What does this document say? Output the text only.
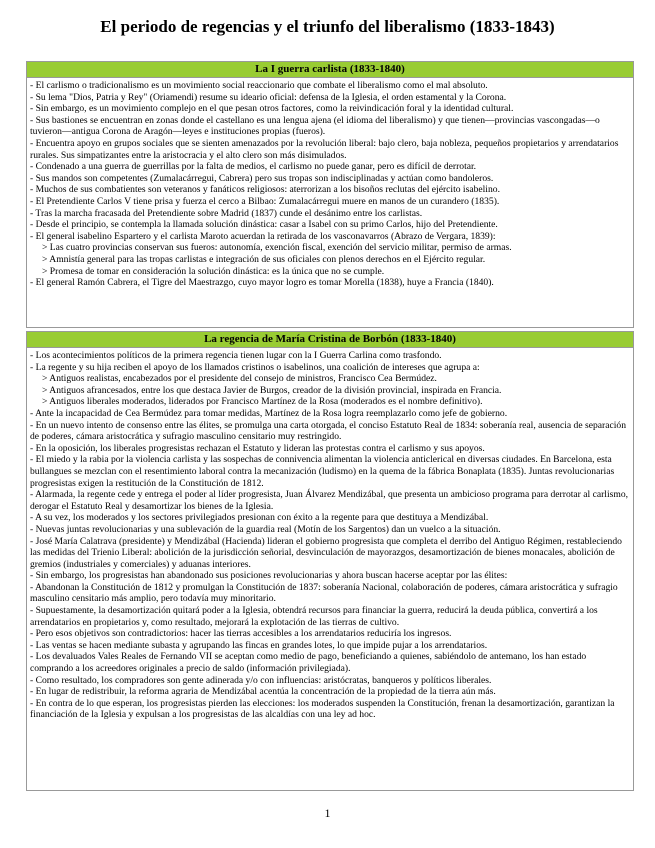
El periodo de regencias y el triunfo del liberalismo (1833-1843)
La I guerra carlista (1833-1840)

- El carlismo o tradicionalismo es un movimiento social reaccionario que combate el liberalismo como el mal absoluto.

- Su lema "Dios, Patria y Rey" (Oriamendi) resume su ideario oficial: defensa de la Iglesia, el orden estamental y la Corona.

- Sin embargo, es un movimiento complejo en el que pesan otros factores, como la reivindicación foral y la identidad cultural.

- Sus bastiones se encuentran en zonas donde el castellano es una lengua ajena (el idioma del liberalismo) y que tienen—provincias vascongadas—o tuvieron—antigua Corona de Aragón—leyes e instituciones propias (fueros).

- Encuentra apoyo en grupos sociales que se sienten amenazados por la revolución liberal: bajo clero, baja nobleza, pequeños propietarios y arrendatarios rurales. Sus simpatizantes entre la aristocracia y el alto clero son más disimulados.

- Condenado a una guerra de guerrillas por la falta de medios, el carlismo no puede ganar, pero es difícil de derrotar.

- Sus mandos son competentes (Zumalacárregui, Cabrera) pero sus tropas son indisciplinadas y actúan como bandoleros.

- Muchos de sus combatientes son veteranos y fanáticos religiosos: aterrorizan a los bisoños reclutas del ejército isabelino.

- El Pretendiente Carlos V tiene prisa y fuerza el cerco a Bilbao: Zumalacárregui muere en manos de un curandero (1835).

- Tras la marcha fracasada del Pretendiente sobre Madrid (1837) cunde el desánimo entre los carlistas.

- Desde el principio, se contempla la llamada solución dinástica: casar a Isabel con su primo Carlos, hijo del Pretendiente.

- El general isabelino Espartero y el carlista Maroto acuerdan la retirada de los vasconavarros (Abrazo de Vergara, 1839):

> Las cuatro provincias conservan sus fueros: autonomía, exención fiscal, exención del servicio militar, permiso de armas.

> Amnistía general para las tropas carlistas e integración de sus oficiales con plenos derechos en el Ejército regular.

> Promesa de tomar en consideración la solución dinástica: es la única que no se cumple.

- El general Ramón Cabrera, el Tigre del Maestrazgo, cuyo mayor logro es tomar Morella (1838), huye a Francia (1840).

La regencia de María Cristina de Borbón (1833-1840)

- Los acontecimientos políticos de la primera regencia tienen lugar con la I Guerra Carlina como trasfondo.

- La regente y su hija reciben el apoyo de los llamados cristinos o isabelinos, una coalición de intereses que agrupa a:

> Antiguos realistas, encabezados por el presidente del consejo de ministros, Francisco Cea Bermúdez.

> Antiguos afrancesados, entre los que destaca Javier de Burgos, creador de la división provincial, inspirada en Francia.

> Antiguos liberales moderados, liderados por Francisco Martínez de la Rosa (moderados es el nombre definitivo).

- Ante la incapacidad de Cea Bermúdez para tomar medidas, Martínez de la Rosa logra reemplazarlo como jefe de gobierno.

- En un nuevo intento de consenso entre las élites, se promulga una carta otorgada, el conciso Estatuto Real de 1834: soberanía real, ausencia de separación de poderes, cámara aristocrática y sufragio masculino censitario muy restringido.

- En la oposición, los liberales progresistas rechazan el Estatuto y lideran las protestas contra el carlismo y sus apoyos.

- El miedo y la rabia por la violencia carlista y las sospechas de connivencia alimentan la violencia anticlerical en diversas ciudades. En Barcelona, esta bullangues se mezclan con el resentimiento laboral contra la mecanización (ludismo) en la quema de la fábrica Bonaplata (1835). Juntas revolucionarias progresistas exigen la restitución de la Constitución de 1812.

- Alarmada, la regente cede y entrega el poder al líder progresista, Juan Álvarez Mendizábal, que presenta un ambicioso programa para derrotar al carlismo, derogar el Estatuto Real y desamortizar los bienes de la Iglesia.

- A su vez, los moderados y los sectores privilegiados presionan con éxito a la regente para que destituya a Mendizábal.

- Nuevas juntas revolucionarias y una sublevación de la guardia real (Motín de los Sargentos) dan un vuelco a la situación.

- José María Calatrava (presidente) y Mendizábal (Hacienda) lideran el gobierno progresista que completa el derribo del Antiguo Régimen, restableciendo las medidas del Trienio Liberal: abolición de la jurisdicción señorial, desvinculación de mayorazgos, desamortización de bienes monacales, abolición de gremios (industriales y comerciales) y aduanas interiores.

- Sin embargo, los progresistas han abandonado sus posiciones revolucionarias y ahora buscan hacerse aceptar por las élites:

- Abandonan la Constitución de 1812 y promulgan la Constitución de 1837: soberanía Nacional, colaboración de poderes, cámara aristocrática y sufragio masculino censitario más amplio, pero todavía muy minoritario.

- Supuestamente, la desamortización quitará poder a la Iglesia, obtendrá recursos para financiar la guerra, reducirá la deuda pública, convertirá a los arrendatarios en propietarios y, como resultado, mejorará la explotación de las tierras de cultivo.

- Pero esos objetivos son contradictorios: hacer las tierras accesibles a los arrendatarios reduciría los ingresos.

- Las ventas se hacen mediante subasta y agrupando las fincas en grandes lotes, lo que impide pujar a los arrendatarios.

- Los devaluados Vales Reales de Fernando VII se aceptan como medio de pago, beneficiando a quienes, sabiéndolo de antemano, los han estado comprando a los acreedores originales a precio de saldo (información privilegiada).

- Como resultado, los compradores son gente adinerada y/o con influencias: aristócratas, banqueros y políticos liberales.

- En lugar de redistribuir, la reforma agraria de Mendizábal acentúa la concentración de la propiedad de la tierra aún más.

- En contra de lo que esperan, los progresistas pierden las elecciones: los moderados suspenden la Constitución, frenan la desamortización, garantizan la financiación de la Iglesia y expulsan a los progresistas de las alcaldías con una ley ad hoc.

1
